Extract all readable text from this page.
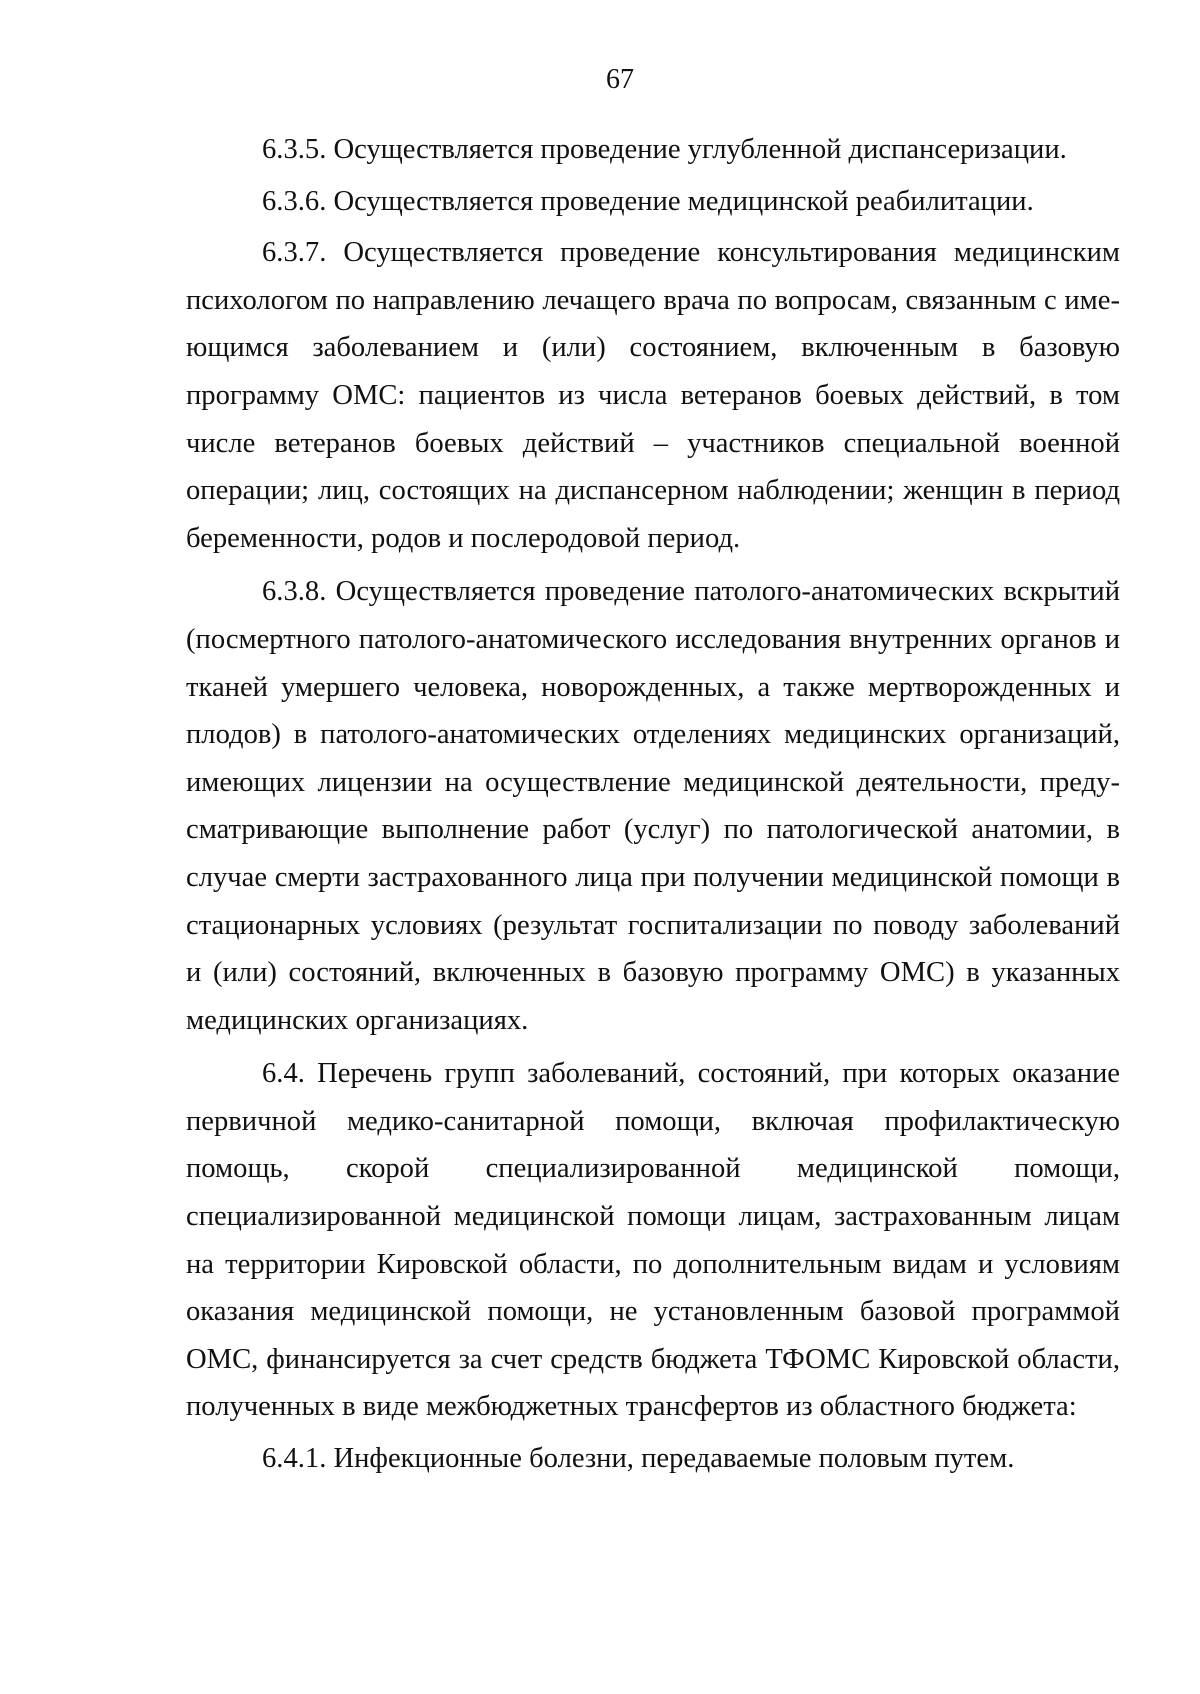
67

6.3.5. Осуществляется проведение углубленной диспансеризации.

6.3.6. Осуществляется проведение медицинской реабилитации.

6.3.7. Осуществляется проведение консультирования медицинским психологом по направлению лечащего врача по вопросам, связанным с имеющимся заболеванием и (или) состоянием, включенным в базовую программу ОМС: пациентов из числа ветеранов боевых действий, в том числе ветеранов боевых действий – участников специальной военной операции; лиц, состоящих на диспансерном наблюдении; женщин в период беременности, родов и послеродовой период.

6.3.8. Осуществляется проведение патолого-анатомических вскрытий (посмертного патолого-анатомического исследования внутренних органов и тканей умершего человека, новорожденных, а также мертворожденных и плодов) в патолого-анатомических отделениях медицинских организаций, имеющих лицензии на осуществление медицинской деятельности, предусматривающие выполнение работ (услуг) по патологической анатомии, в случае смерти застрахованного лица при получении медицинской помощи в стационарных условиях (результат госпитализации по поводу заболеваний и (или) состояний, включенных в базовую программу ОМС) в указанных медицинских организациях.

6.4. Перечень групп заболеваний, состояний, при которых оказание первичной медико-санитарной помощи, включая профилактическую помощь, скорой специализированной медицинской помощи, специализированной медицинской помощи лицам, застрахованным лицам на территории Кировской области, по дополнительным видам и условиям оказания медицинской помощи, не установленным базовой программой ОМС, финансируется за счет средств бюджета ТФОМС Кировской области, полученных в виде межбюджетных трансфертов из областного бюджета:

6.4.1. Инфекционные болезни, передаваемые половым путем.
